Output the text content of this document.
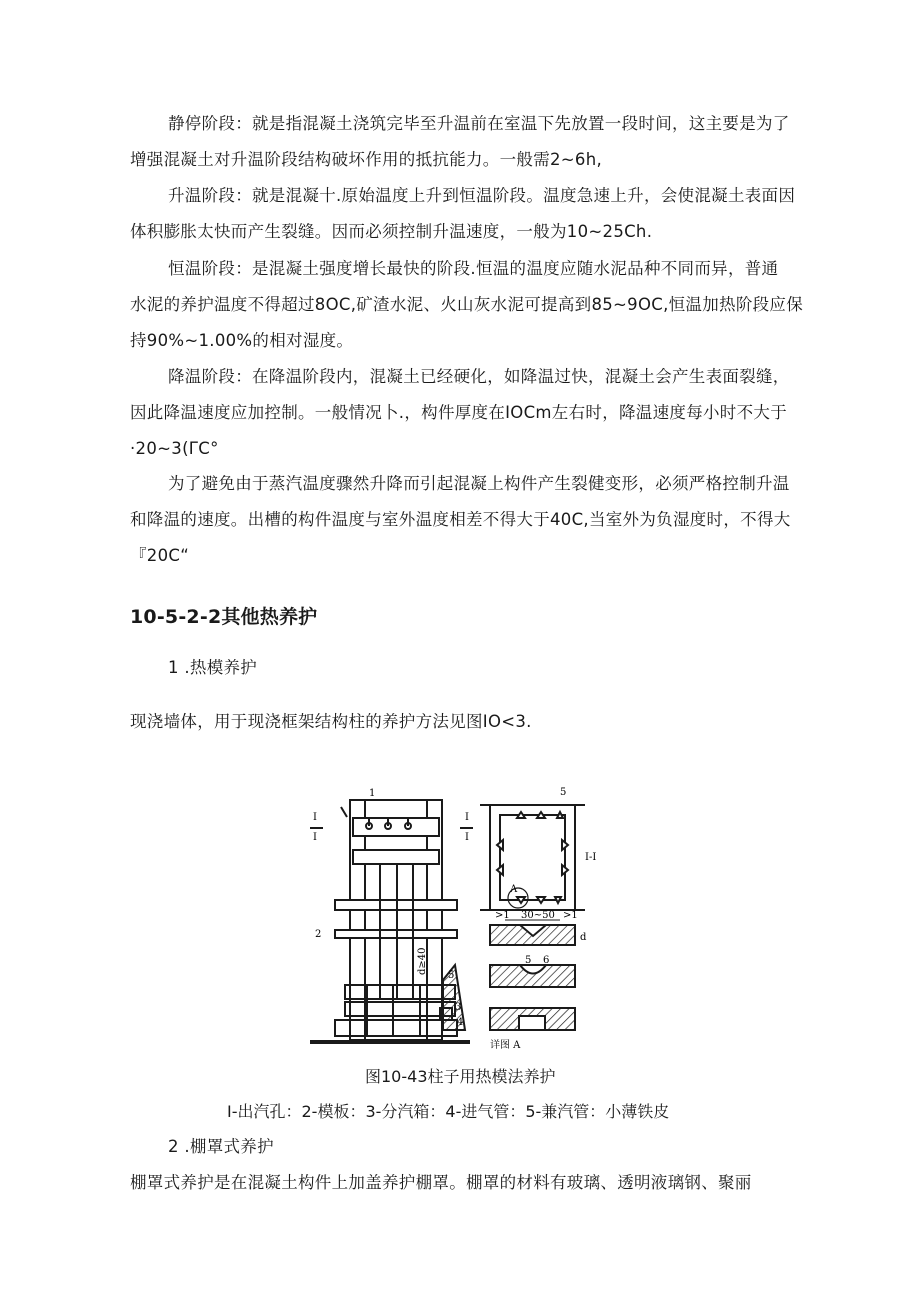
静停阶段：就是指混凝土浇筑完毕至升温前在室温下先放置一段时间，这主要是为了
增强混凝土对升温阶段结构破坏作用的抵抗能力。一般需2~6h,
升温阶段：就是混凝十.原始温度上升到恒温阶段。温度急速上升，会使混凝土表面因
体积膨胀太快而产生裂缝。因而必须控制升温速度，一般为10~25Ch.
恒温阶段：是混凝土强度增长最快的阶段.恒温的温度应随水泥品种不同而异，普通
水泥的养护温度不得超过8OC,矿渣水泥、火山灰水泥可提高到85~9OC,恒温加热阶段应保
持90%~1.00%的相对湿度。
降温阶段：在降温阶段内，混凝土已经硬化，如降温过快，混凝土会产生表面裂缝，
因此降温速度应加控制。一般情况卜.，构件厚度在IOCm左右时，降温速度每小时不大于
·20~3(ΓC°
为了避免由于蒸汽温度骤然升降而引起混凝上构件产生裂健变形，必须严格控制升温
和降温的速度。出槽的构件温度与室外温度相差不得大于40C,当室外为负湿度时，不得大
『20C“
10-5-2-2其他热养护
1 .热模养护
现浇墙体，用于现浇框架结构柱的养护方法见图IO<3.
1
2
3
4
5
I
I
I
I
d≥40
5
I-I
A
30~50
>1	>1
d
5 6
详图 A
图10-43柱子用热模法养护
I-出汽孔：2-模板：3-分汽箱：4-进气管：5-兼汽管：小薄铁皮
2 .棚罩式养护
棚罩式养护是在混凝土构件上加盖养护棚罩。棚罩的材料有玻璃、透明液璃钢、聚丽
